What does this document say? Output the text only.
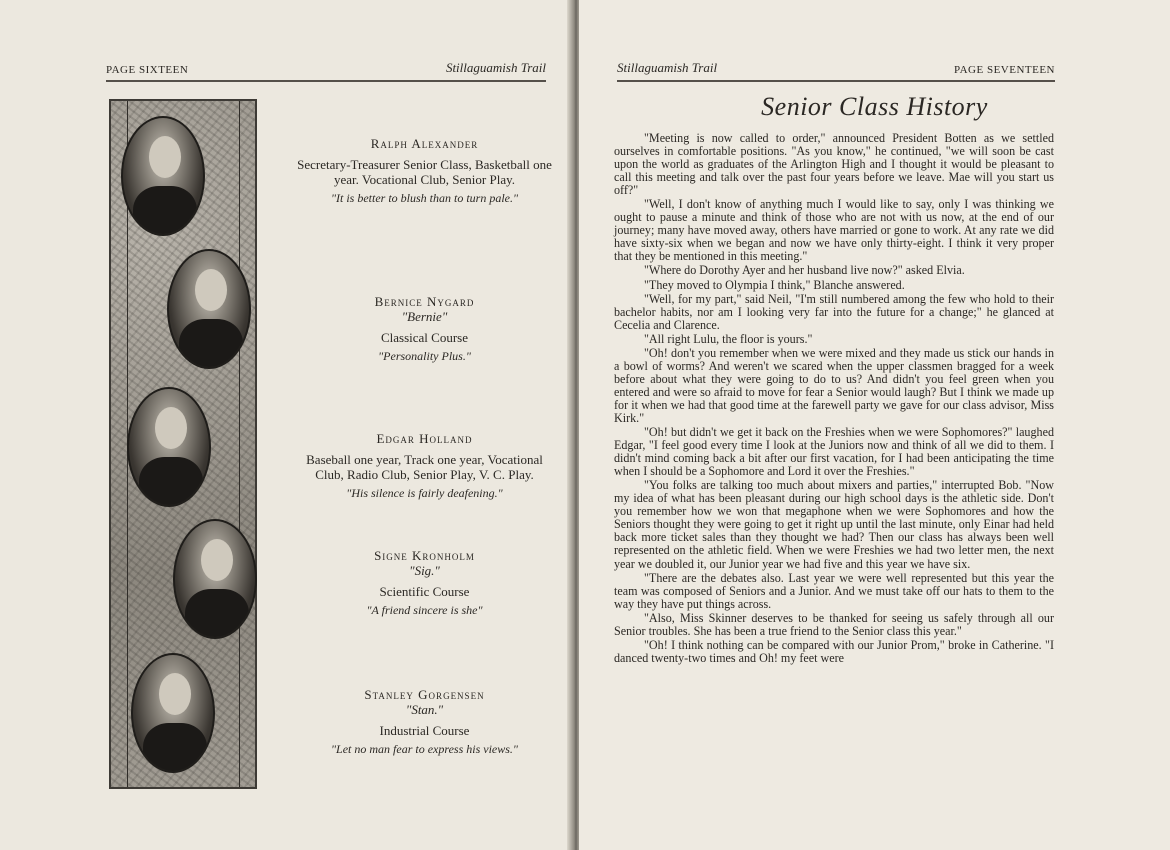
PAGE SIXTEEN	Stillaguamish Trail
Ralph Alexander
Secretary-Treasurer Senior Class, Basketball one year. Vocational Club, Senior Play.
"It is better to blush than to turn pale."
Bernice Nygard
"Bernie"
Classical Course
"Personality Plus."
Edgar Holland
Baseball one year, Track one year, Vocational Club, Radio Club, Senior Play, V. C. Play.
"His silence is fairly deafening."
Signe Kronholm
"Sig."
Scientific Course
"A friend sincere is she"
Stanley Gorgensen
"Stan."
Industrial Course
"Let no man fear to express his views."
Stillaguamish Trail	PAGE SEVENTEEN
Senior Class History

"Meeting is now called to order," announced President Botten as we settled ourselves in comfortable positions. "As you know," he continued, "we will soon be cast upon the world as graduates of the Arlington High and I thought it would be pleasant to call this meeting and talk over the past four years before we leave. Mae will you start us off?"

"Well, I don't know of anything much I would like to say, only I was thinking we ought to pause a minute and think of those who are not with us now, at the end of our journey; many have moved away, others have married or gone to work. At any rate we did have sixty-six when we began and now we have only thirty-eight. I think it very proper that they be mentioned in this meeting."

"Where do Dorothy Ayer and her husband live now?" asked Elvia.

"They moved to Olympia I think," Blanche answered.

"Well, for my part," said Neil, "I'm still numbered among the few who hold to their bachelor habits, nor am I looking very far into the future for a change;" he glanced at Cecelia and Clarence.

"All right Lulu, the floor is yours."

"Oh! don't you remember when we were mixed and they made us stick our hands in a bowl of worms? And weren't we scared when the upper classmen bragged for a week before about what they were going to do to us? And didn't you feel green when you entered and were so afraid to move for fear a Senior would laugh? But I think we made up for it when we had that good time at the farewell party we gave for our class advisor, Miss Kirk."

"Oh! but didn't we get it back on the Freshies when we were Sophomores?" laughed Edgar, "I feel good every time I look at the Juniors now and think of all we did to them. I didn't mind coming back a bit after our first vacation, for I had been anticipating the time when I should be a Sophomore and Lord it over the Freshies."

"You folks are talking too much about mixers and parties," interrupted Bob. "Now my idea of what has been pleasant during our high school days is the athletic side. Don't you remember how we won that megaphone when we were Sophomores and how the Seniors thought they were going to get it right up until the last minute, only Einar had held back more ticket sales than they thought we had? Then our class has always been well represented on the athletic field. When we were Freshies we had two letter men, the next year we doubled it, our Junior year we had five and this year we have six.

"There are the debates also. Last year we were well represented but this year the team was composed of Seniors and a Junior. And we must take off our hats to them to the way they have put things across.

"Also, Miss Skinner deserves to be thanked for seeing us safely through all our Senior troubles. She has been a true friend to the Senior class this year."

"Oh! I think nothing can be compared with our Junior Prom," broke in Catherine. "I danced twenty-two times and Oh! my feet were
